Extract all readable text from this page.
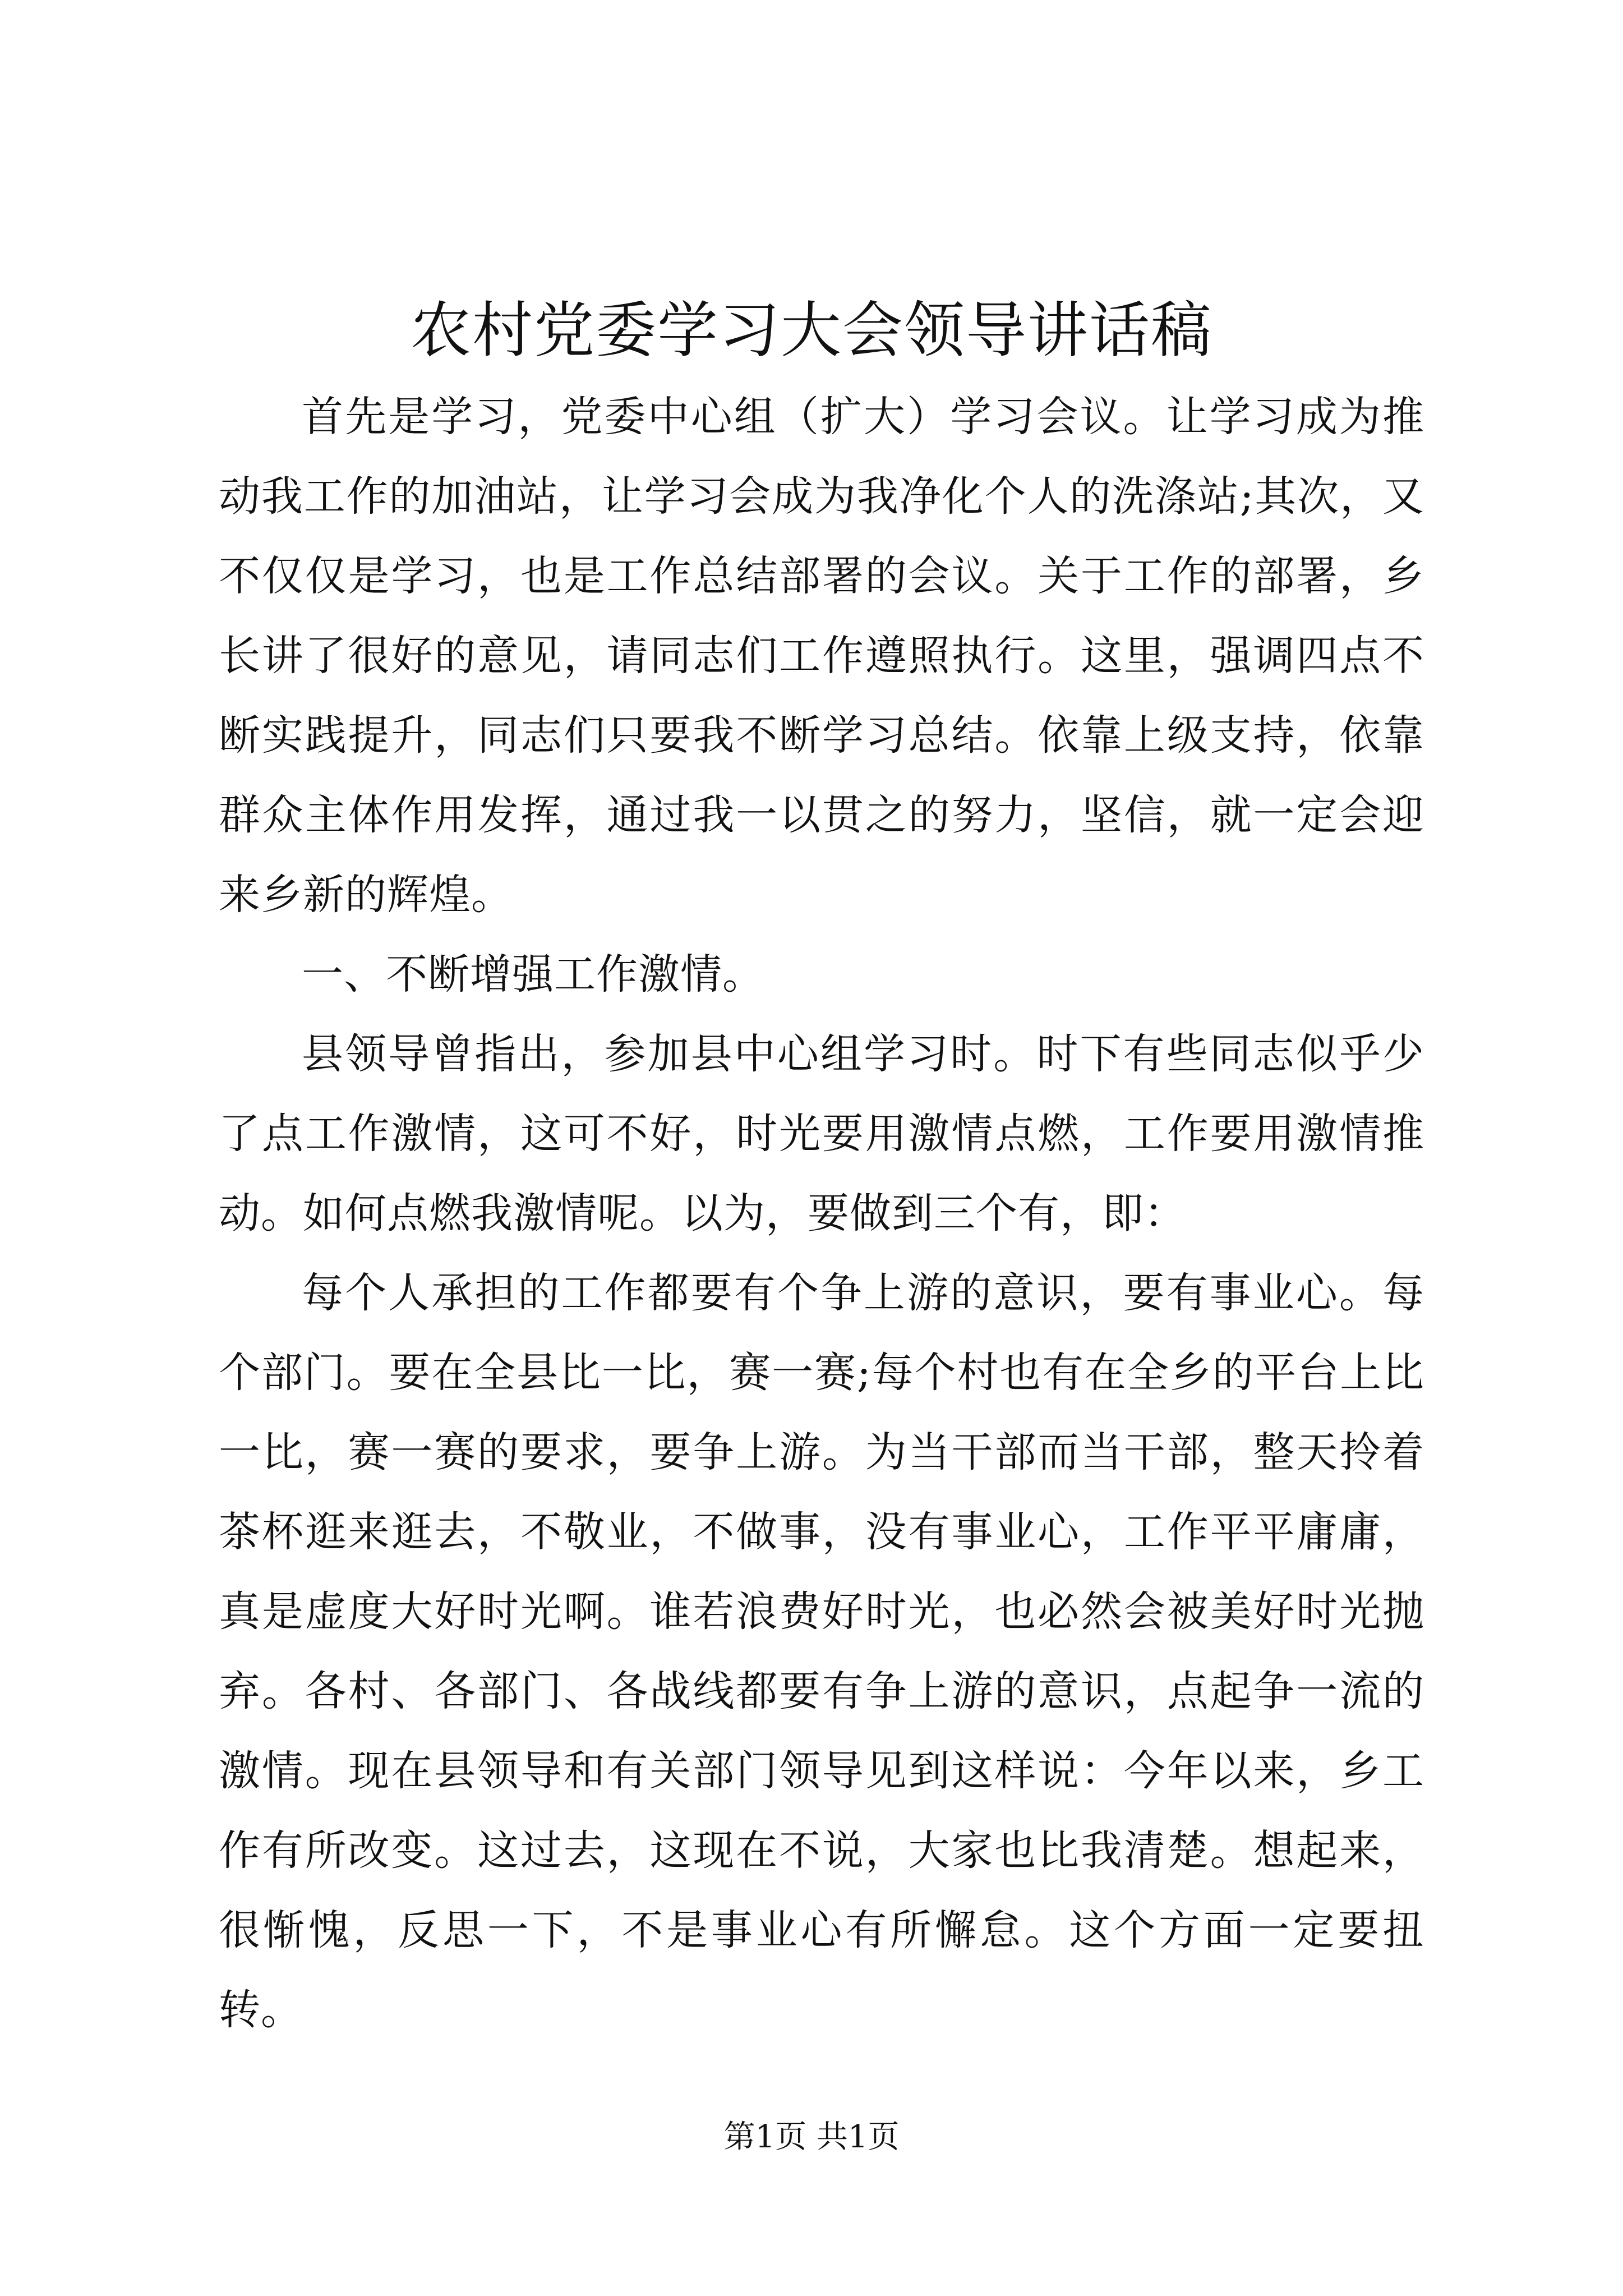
农村党委学习大会领导讲话稿

首先是学习，党委中心组（扩大）学习会议。让学习成为推动我工作的加油站，让学习会成为我净化个人的洗涤站;其次，又不仅仅是学习，也是工作总结部署的会议。关于工作的部署，乡长讲了很好的意见，请同志们工作遵照执行。这里，强调四点不断实践提升，同志们只要我不断学习总结。依靠上级支持，依靠群众主体作用发挥，通过我一以贯之的努力，坚信，就一定会迎来乡新的辉煌。

一、不断增强工作激情。

县领导曾指出，参加县中心组学习时。时下有些同志似乎少了点工作激情，这可不好，时光要用激情点燃，工作要用激情推动。如何点燃我激情呢。以为，要做到三个有，即：

每个人承担的工作都要有个争上游的意识，要有事业心。每个部门。要在全县比一比，赛一赛;每个村也有在全乡的平台上比一比，赛一赛的要求，要争上游。为当干部而当干部，整天拎着茶杯逛来逛去，不敬业，不做事，没有事业心，工作平平庸庸，真是虚度大好时光啊。谁若浪费好时光，也必然会被美好时光抛弃。各村、各部门、各战线都要有争上游的意识，点起争一流的激情。现在县领导和有关部门领导见到这样说：今年以来，乡工作有所改变。这过去，这现在不说，大家也比我清楚。想起来，很惭愧，反思一下，不是事业心有所懈怠。这个方面一定要扭转。

第1页 共1页
